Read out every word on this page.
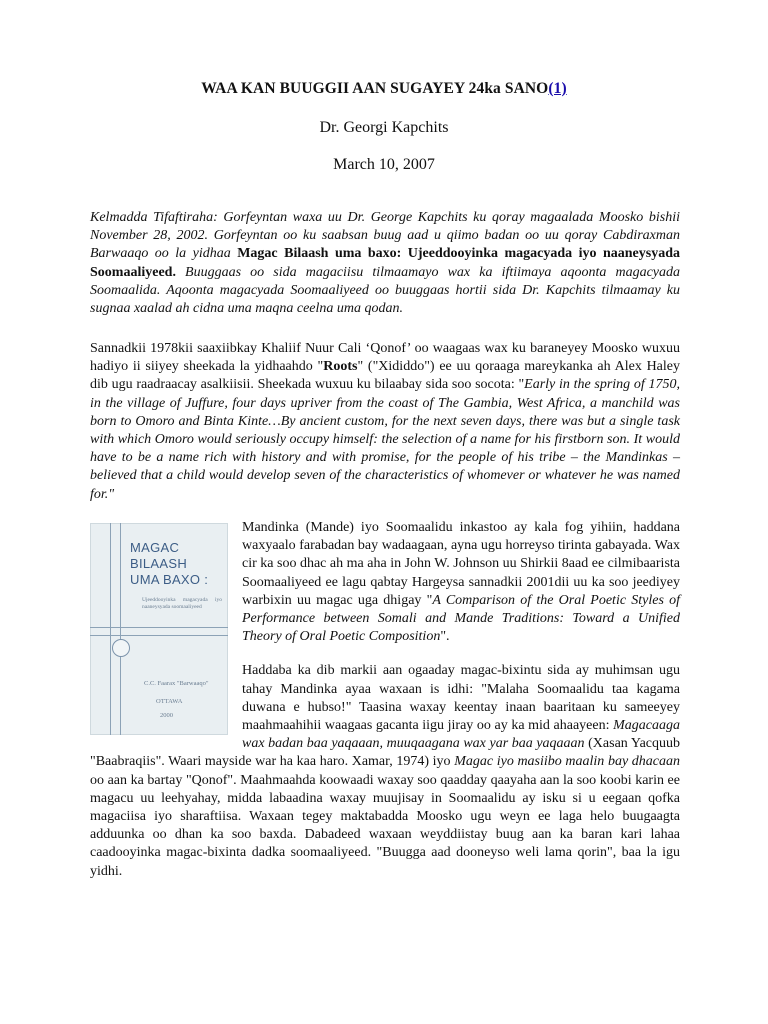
WAA KAN BUUGGII AAN SUGAYEY 24ka SANO(1)
Dr. Georgi Kapchits
March 10, 2007

Kelmadda Tifaftiraha: Gorfeyntan waxa uu Dr. George Kapchits ku qoray magaalada Moosko bishii November 28, 2002. Gorfeyntan oo ku saabsan buug aad u qiimo badan oo uu qoray Cabdiraxman Barwaaqo oo la yidhaa Magac Bilaash uma baxo: Ujeeddooyinka magacyada iyo naaneysyada Soomaaliyeed. Buuggaas oo sida magaciisu tilmaamayo wax ka iftiimaya aqoonta magacyada Soomaalida. Aqoonta magacyada Soomaaliyeed oo buuggaas hortii sida Dr. Kapchits tilmaamay ku sugnaa xaalad ah cidna uma maqna ceelna uma qodan.

Sannadkii 1978kii saaxiibkay Khaliif Nuur Cali ‘Qonof’ oo waagaas wax ku baraneyey Moosko wuxuu hadiyo ii siiyey sheekada la yidhaahdo "Roots" ("Xididdo") ee uu qoraaga mareykanka ah Alex Haley dib ugu raadraacay asalkiisii. Sheekada wuxuu ku bilaabay sida soo socota: "Early in the spring of 1750, in the village of Juffure, four days upriver from the coast of The Gambia, West Africa, a manchild was born to Omoro and Binta Kinte…By ancient custom, for the next seven days, there was but a single task with which Omoro would seriously occupy himself: the selection of a name for his firstborn son. It would have to be a name rich with history and with promise, for the people of his tribe – the Mandinkas – believed that a child would develop seven of the characteristics of whomever or whatever he was named for."

MAGAC
BILAASH
UMA BAXO :
Ujeeddooyinka magacyada iyo naaneysyada soomaaliyeed
C.C. Faarax "Barwaaqo"
OTTAWA
2000
Mandinka (Mande) iyo Soomaalidu inkastoo ay kala fog yihiin, haddana waxyaalo farabadan bay wadaagaan, ayna ugu horreyso tirinta gabayada. Wax cir ka soo dhac ah ma aha in John W. Johnson uu Shirkii 8aad ee cilmibaarista Soomaaliyeed ee lagu qabtay Hargeysa sannadkii 2001dii uu ka soo jeediyey warbixin uu magac uga dhigay "A Comparison of the Oral Poetic Styles of Performance between Somali and Mande Traditions: Toward a Unified Theory of Oral Poetic Composition".
Haddaba ka dib markii aan ogaaday magac-bixintu sida ay muhimsan ugu tahay Mandinka ayaa waxaan is idhi: "Malaha Soomaalidu taa kagama duwana e hubso!" Taasina waxay keentay inaan baaritaan ku sameeyey maahmaahihii waagaas gacanta iigu jiray oo ay ka mid ahaayeen: Magacaaga wax badan baa yaqaaan, muuqaagana wax yar baa yaqaaan (Xasan Yacquub "Baabraqiis". Waari mayside war ha kaa haro. Xamar, 1974) iyo Magac iyo masiibo maalin bay dhacaan oo aan ka bartay "Qonof". Maahmaahda koowaadi waxay soo qaadday qaayaha aan la soo koobi karin ee magacu uu leehyahay, midda labaadina waxay muujisay in Soomaalidu ay isku si u eegaan qofka magaciisa iyo sharaftiisa. Waxaan tegey maktabadda Moosko ugu weyn ee laga helo buugaagta adduunka oo dhan ka soo baxda. Dabadeed waxaan weyddiistay buug aan ka baran kari lahaa caadooyinka magac-bixinta dadka soomaaliyeed. "Buugga aad dooneyso weli lama qorin", baa la igu yidhi.
